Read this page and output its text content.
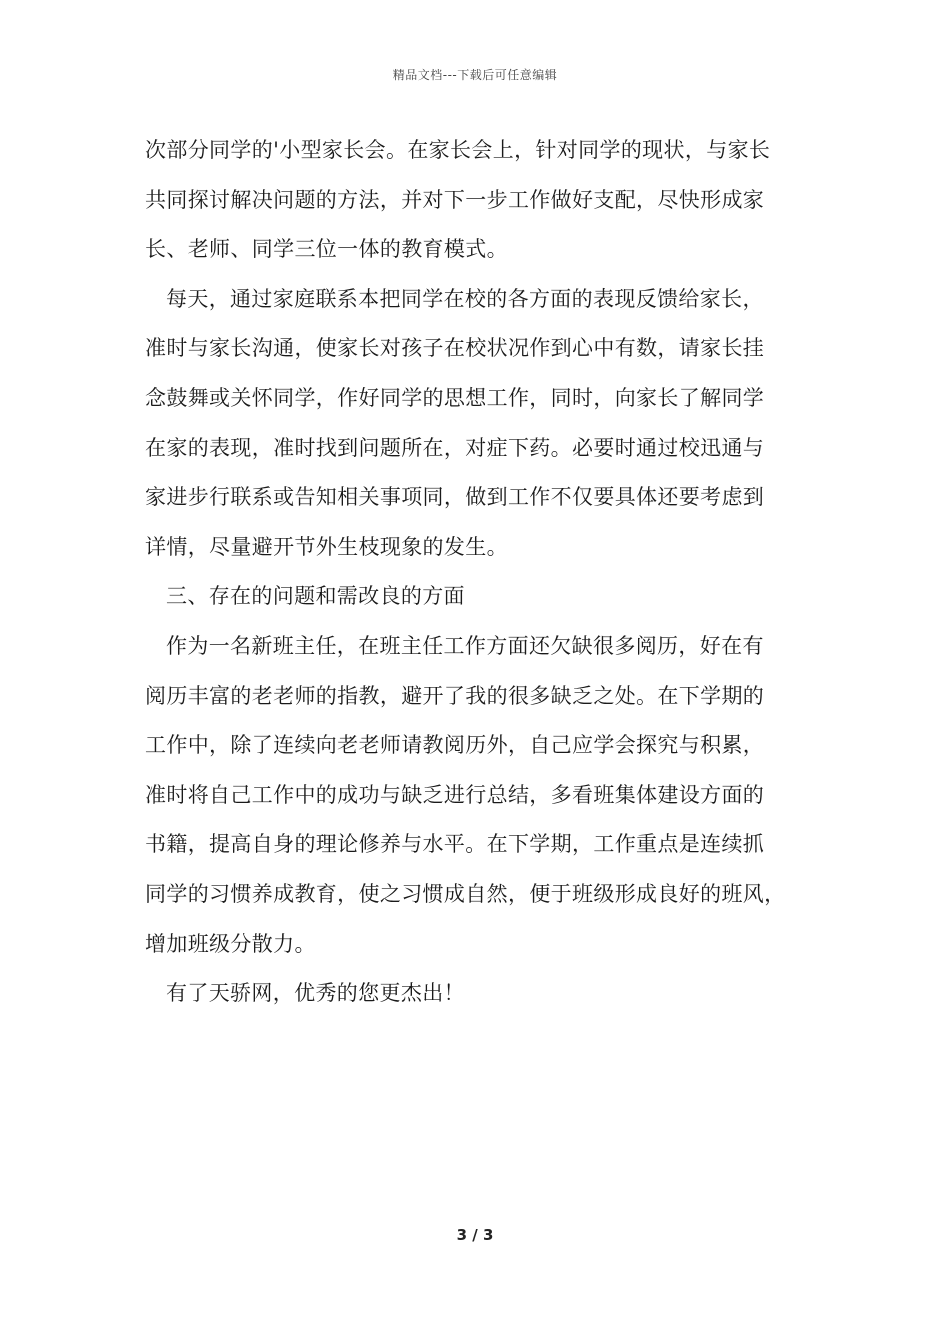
精品文档---下载后可任意编辑
次部分同学的'小型家长会。在家长会上，针对同学的现状，与家长
共同探讨解决问题的方法，并对下一步工作做好支配，尽快形成家
长、老师、同学三位一体的教育模式。
每天，通过家庭联系本把同学在校的各方面的表现反馈给家长，
准时与家长沟通，使家长对孩子在校状况作到心中有数，请家长挂
念鼓舞或关怀同学，作好同学的思想工作，同时，向家长了解同学
在家的表现，准时找到问题所在，对症下药。必要时通过校迅通与
家进步行联系或告知相关事项同，做到工作不仅要具体还要考虑到
详情，尽量避开节外生枝现象的发生。
三、存在的问题和需改良的方面
作为一名新班主任，在班主任工作方面还欠缺很多阅历，好在有
阅历丰富的老老师的指教，避开了我的很多缺乏之处。在下学期的
工作中，除了连续向老老师请教阅历外，自己应学会探究与积累，
准时将自己工作中的成功与缺乏进行总结，多看班集体建设方面的
书籍，提高自身的理论修养与水平。在下学期，工作重点是连续抓
同学的习惯养成教育，使之习惯成自然，便于班级形成良好的班风，
增加班级分散力。
有了天骄网，优秀的您更杰出！
3 / 3
